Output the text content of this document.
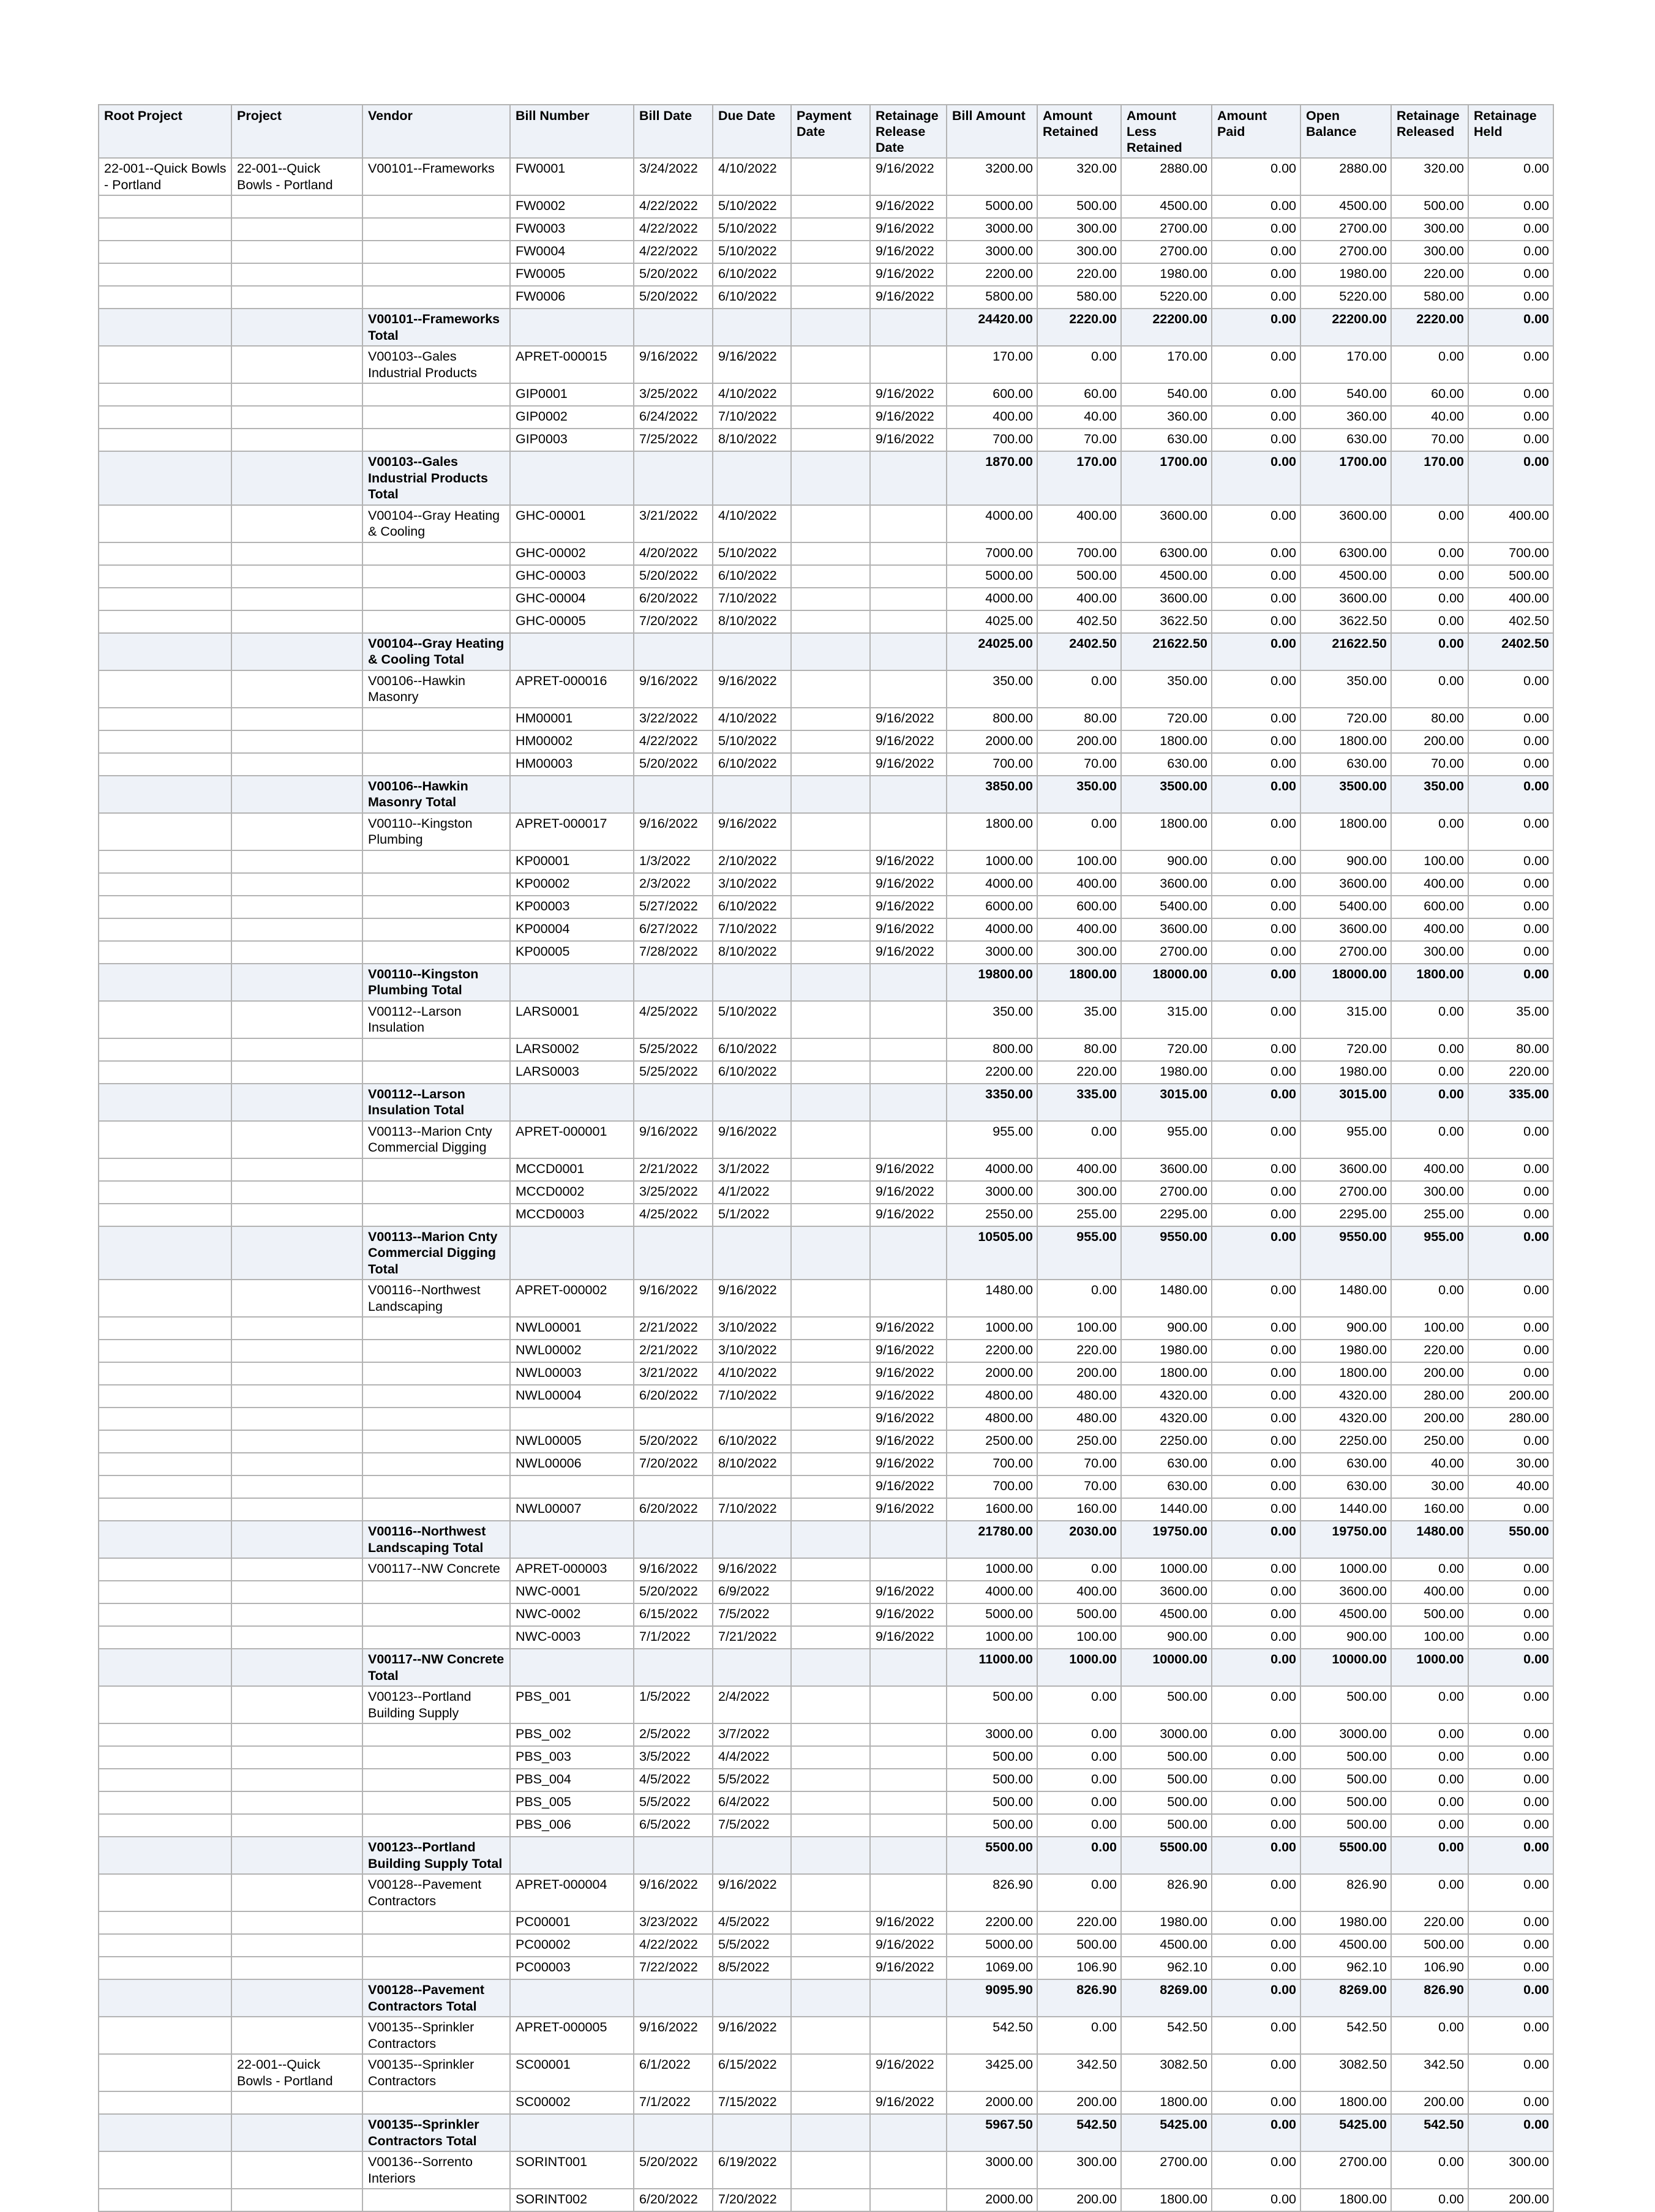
Root Project	Project	Vendor	Bill Number	Bill Date	Due Date	Payment Date	Retainage Release Date	Bill Amount	Amount Retained	Amount Less Retained	Amount Paid	Open Balance	Retainage Released	Retainage Held
22-001--Quick Bowls - Portland	22-001--Quick Bowls - Portland	V00101--Frameworks	FW0001	3/24/2022	4/10/2022		9/16/2022	3200.00	320.00	2880.00	0.00	2880.00	320.00	0.00
			FW0002	4/22/2022	5/10/2022		9/16/2022	5000.00	500.00	4500.00	0.00	4500.00	500.00	0.00
			FW0003	4/22/2022	5/10/2022		9/16/2022	3000.00	300.00	2700.00	0.00	2700.00	300.00	0.00
			FW0004	4/22/2022	5/10/2022		9/16/2022	3000.00	300.00	2700.00	0.00	2700.00	300.00	0.00
			FW0005	5/20/2022	6/10/2022		9/16/2022	2200.00	220.00	1980.00	0.00	1980.00	220.00	0.00
			FW0006	5/20/2022	6/10/2022		9/16/2022	5800.00	580.00	5220.00	0.00	5220.00	580.00	0.00
		V00101--Frameworks Total						24420.00	2220.00	22200.00	0.00	22200.00	2220.00	0.00
		V00103--Gales Industrial Products	APRET-000015	9/16/2022	9/16/2022			170.00	0.00	170.00	0.00	170.00	0.00	0.00
			GIP0001	3/25/2022	4/10/2022		9/16/2022	600.00	60.00	540.00	0.00	540.00	60.00	0.00
			GIP0002	6/24/2022	7/10/2022		9/16/2022	400.00	40.00	360.00	0.00	360.00	40.00	0.00
			GIP0003	7/25/2022	8/10/2022		9/16/2022	700.00	70.00	630.00	0.00	630.00	70.00	0.00
		V00103--Gales Industrial Products Total						1870.00	170.00	1700.00	0.00	1700.00	170.00	0.00
		V00104--Gray Heating & Cooling	GHC-00001	3/21/2022	4/10/2022			4000.00	400.00	3600.00	0.00	3600.00	0.00	400.00
			GHC-00002	4/20/2022	5/10/2022			7000.00	700.00	6300.00	0.00	6300.00	0.00	700.00
			GHC-00003	5/20/2022	6/10/2022			5000.00	500.00	4500.00	0.00	4500.00	0.00	500.00
			GHC-00004	6/20/2022	7/10/2022			4000.00	400.00	3600.00	0.00	3600.00	0.00	400.00
			GHC-00005	7/20/2022	8/10/2022			4025.00	402.50	3622.50	0.00	3622.50	0.00	402.50
		V00104--Gray Heating & Cooling Total						24025.00	2402.50	21622.50	0.00	21622.50	0.00	2402.50
		V00106--Hawkin Masonry	APRET-000016	9/16/2022	9/16/2022			350.00	0.00	350.00	0.00	350.00	0.00	0.00
			HM00001	3/22/2022	4/10/2022		9/16/2022	800.00	80.00	720.00	0.00	720.00	80.00	0.00
			HM00002	4/22/2022	5/10/2022		9/16/2022	2000.00	200.00	1800.00	0.00	1800.00	200.00	0.00
			HM00003	5/20/2022	6/10/2022		9/16/2022	700.00	70.00	630.00	0.00	630.00	70.00	0.00
		V00106--Hawkin Masonry Total						3850.00	350.00	3500.00	0.00	3500.00	350.00	0.00
		V00110--Kingston Plumbing	APRET-000017	9/16/2022	9/16/2022			1800.00	0.00	1800.00	0.00	1800.00	0.00	0.00
			KP00001	1/3/2022	2/10/2022		9/16/2022	1000.00	100.00	900.00	0.00	900.00	100.00	0.00
			KP00002	2/3/2022	3/10/2022		9/16/2022	4000.00	400.00	3600.00	0.00	3600.00	400.00	0.00
			KP00003	5/27/2022	6/10/2022		9/16/2022	6000.00	600.00	5400.00	0.00	5400.00	600.00	0.00
			KP00004	6/27/2022	7/10/2022		9/16/2022	4000.00	400.00	3600.00	0.00	3600.00	400.00	0.00
			KP00005	7/28/2022	8/10/2022		9/16/2022	3000.00	300.00	2700.00	0.00	2700.00	300.00	0.00
		V00110--Kingston Plumbing Total						19800.00	1800.00	18000.00	0.00	18000.00	1800.00	0.00
		V00112--Larson Insulation	LARS0001	4/25/2022	5/10/2022			350.00	35.00	315.00	0.00	315.00	0.00	35.00
			LARS0002	5/25/2022	6/10/2022			800.00	80.00	720.00	0.00	720.00	0.00	80.00
			LARS0003	5/25/2022	6/10/2022			2200.00	220.00	1980.00	0.00	1980.00	0.00	220.00
		V00112--Larson Insulation Total						3350.00	335.00	3015.00	0.00	3015.00	0.00	335.00
		V00113--Marion Cnty Commercial Digging	APRET-000001	9/16/2022	9/16/2022			955.00	0.00	955.00	0.00	955.00	0.00	0.00
			MCCD0001	2/21/2022	3/1/2022		9/16/2022	4000.00	400.00	3600.00	0.00	3600.00	400.00	0.00
			MCCD0002	3/25/2022	4/1/2022		9/16/2022	3000.00	300.00	2700.00	0.00	2700.00	300.00	0.00
			MCCD0003	4/25/2022	5/1/2022		9/16/2022	2550.00	255.00	2295.00	0.00	2295.00	255.00	0.00
		V00113--Marion Cnty Commercial Digging Total						10505.00	955.00	9550.00	0.00	9550.00	955.00	0.00
		V00116--Northwest Landscaping	APRET-000002	9/16/2022	9/16/2022			1480.00	0.00	1480.00	0.00	1480.00	0.00	0.00
			NWL00001	2/21/2022	3/10/2022		9/16/2022	1000.00	100.00	900.00	0.00	900.00	100.00	0.00
			NWL00002	2/21/2022	3/10/2022		9/16/2022	2200.00	220.00	1980.00	0.00	1980.00	220.00	0.00
			NWL00003	3/21/2022	4/10/2022		9/16/2022	2000.00	200.00	1800.00	0.00	1800.00	200.00	0.00
			NWL00004	6/20/2022	7/10/2022		9/16/2022	4800.00	480.00	4320.00	0.00	4320.00	280.00	200.00
							9/16/2022	4800.00	480.00	4320.00	0.00	4320.00	200.00	280.00
			NWL00005	5/20/2022	6/10/2022		9/16/2022	2500.00	250.00	2250.00	0.00	2250.00	250.00	0.00
			NWL00006	7/20/2022	8/10/2022		9/16/2022	700.00	70.00	630.00	0.00	630.00	40.00	30.00
							9/16/2022	700.00	70.00	630.00	0.00	630.00	30.00	40.00
			NWL00007	6/20/2022	7/10/2022		9/16/2022	1600.00	160.00	1440.00	0.00	1440.00	160.00	0.00
		V00116--Northwest Landscaping Total						21780.00	2030.00	19750.00	0.00	19750.00	1480.00	550.00
		V00117--NW Concrete	APRET-000003	9/16/2022	9/16/2022			1000.00	0.00	1000.00	0.00	1000.00	0.00	0.00
			NWC-0001	5/20/2022	6/9/2022		9/16/2022	4000.00	400.00	3600.00	0.00	3600.00	400.00	0.00
			NWC-0002	6/15/2022	7/5/2022		9/16/2022	5000.00	500.00	4500.00	0.00	4500.00	500.00	0.00
			NWC-0003	7/1/2022	7/21/2022		9/16/2022	1000.00	100.00	900.00	0.00	900.00	100.00	0.00
		V00117--NW Concrete Total						11000.00	1000.00	10000.00	0.00	10000.00	1000.00	0.00
		V00123--Portland Building Supply	PBS_001	1/5/2022	2/4/2022			500.00	0.00	500.00	0.00	500.00	0.00	0.00
			PBS_002	2/5/2022	3/7/2022			3000.00	0.00	3000.00	0.00	3000.00	0.00	0.00
			PBS_003	3/5/2022	4/4/2022			500.00	0.00	500.00	0.00	500.00	0.00	0.00
			PBS_004	4/5/2022	5/5/2022			500.00	0.00	500.00	0.00	500.00	0.00	0.00
			PBS_005	5/5/2022	6/4/2022			500.00	0.00	500.00	0.00	500.00	0.00	0.00
			PBS_006	6/5/2022	7/5/2022			500.00	0.00	500.00	0.00	500.00	0.00	0.00
		V00123--Portland Building Supply Total						5500.00	0.00	5500.00	0.00	5500.00	0.00	0.00
		V00128--Pavement Contractors	APRET-000004	9/16/2022	9/16/2022			826.90	0.00	826.90	0.00	826.90	0.00	0.00
			PC00001	3/23/2022	4/5/2022		9/16/2022	2200.00	220.00	1980.00	0.00	1980.00	220.00	0.00
			PC00002	4/22/2022	5/5/2022		9/16/2022	5000.00	500.00	4500.00	0.00	4500.00	500.00	0.00
			PC00003	7/22/2022	8/5/2022		9/16/2022	1069.00	106.90	962.10	0.00	962.10	106.90	0.00
		V00128--Pavement Contractors Total						9095.90	826.90	8269.00	0.00	8269.00	826.90	0.00
		V00135--Sprinkler Contractors	APRET-000005	9/16/2022	9/16/2022			542.50	0.00	542.50	0.00	542.50	0.00	0.00
	22-001--Quick Bowls - Portland	V00135--Sprinkler Contractors	SC00001	6/1/2022	6/15/2022		9/16/2022	3425.00	342.50	3082.50	0.00	3082.50	342.50	0.00
			SC00002	7/1/2022	7/15/2022		9/16/2022	2000.00	200.00	1800.00	0.00	1800.00	200.00	0.00
		V00135--Sprinkler Contractors Total						5967.50	542.50	5425.00	0.00	5425.00	542.50	0.00
		V00136--Sorrento Interiors	SORINT001	5/20/2022	6/19/2022			3000.00	300.00	2700.00	0.00	2700.00	0.00	300.00
			SORINT002	6/20/2022	7/20/2022			2000.00	200.00	1800.00	0.00	1800.00	0.00	200.00
